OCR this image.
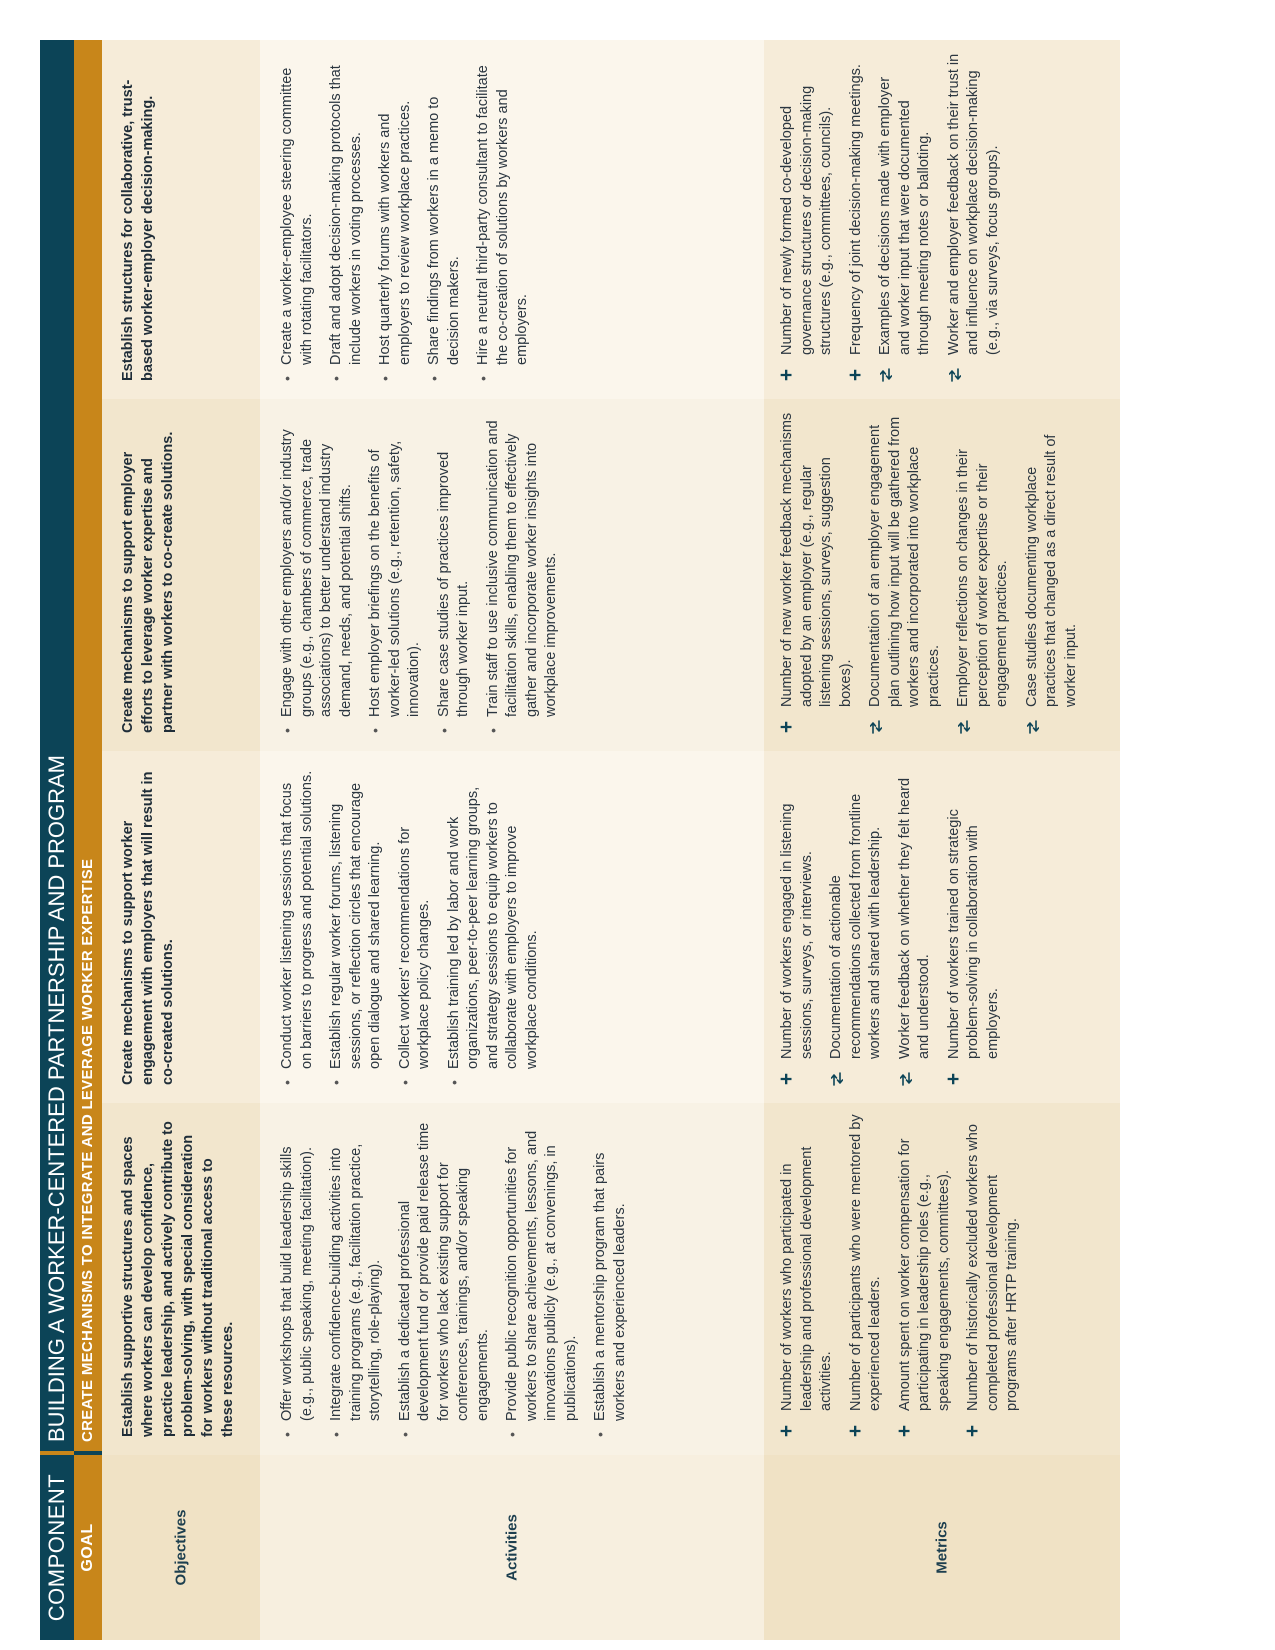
COMPONENT
BUILDING A WORKER-CENTERED PARTNERSHIP AND PROGRAM
GOAL
CREATE MECHANISMS TO INTEGRATE AND LEVERAGE WORKER EXPERTISE
Objectives
Establish supportive structures and spaces where workers can develop confidence, practice leadership, and actively contribute to problem-solving, with special consideration for workers without traditional access to these resources.
Create mechanisms to support worker engagement with employers that will result in co-created solutions.
Create mechanisms to support employer efforts to leverage worker expertise and partner with workers to co-create solutions.
Establish structures for collaborative, trust-based worker-employer decision-making.
Activities
•
Offer workshops that build leadership skills (e.g., public speaking, meeting facilitation).
•
Integrate confidence-building activities into training programs (e.g., facilitation practice, storytelling, role-playing).
•
Establish a dedicated professional development fund or provide paid release time for workers who lack existing support for conferences, trainings, and/or speaking engagements.
•
Provide public recognition opportunities for workers to share achievements, lessons, and innovations publicly (e.g., at convenings, in publications).
•
Establish a mentorship program that pairs workers and experienced leaders.
•
Conduct worker listening sessions that focus on barriers to progress and potential solutions.
•
Establish regular worker forums, listening sessions, or reflection circles that encourage open dialogue and shared learning.
•
Collect workers' recommendations for workplace policy changes.
•
Establish training led by labor and work organizations, peer-to-peer learning groups, and strategy sessions to equip workers to collaborate with employers to improve workplace conditions.
•
Engage with other employers and/or industry groups (e.g., chambers of commerce, trade associations) to better understand industry demand, needs, and potential shifts.
•
Host employer briefings on the benefits of worker-led solutions (e.g., retention, safety, innovation).
•
Share case studies of practices improved through worker input.
•
Train staff to use inclusive communication and facilitation skills, enabling them to effectively gather and incorporate worker insights into workplace improvements.
•
Create a worker-employee steering committee with rotating facilitators.
•
Draft and adopt decision-making protocols that include workers in voting processes.
•
Host quarterly forums with workers and employers to review workplace practices.
•
Share findings from workers in a memo to decision makers.
•
Hire a neutral third-party consultant to facilitate the co-creation of solutions by workers and employers.
Metrics
+
Number of workers who participated in leadership and professional development activities.
+
Number of participants who were mentored by experienced leaders.
+
Amount spent on worker compensation for participating in leadership roles (e.g., speaking engagements, committees).
+
Number of historically excluded workers who completed professional development programs after HRTP training.
+
Number of workers engaged in listening sessions, surveys, or interviews. Documentation of actionable recommendations collected from frontline workers and shared with leadership. Worker feedback on whether they felt heard and understood.
+
Number of workers trained on strategic problem-solving in collaboration with employers.
+
Number of new worker feedback mechanisms adopted by an employer (e.g., regular listening sessions, surveys, suggestion boxes). Documentation of an employer engagement plan outlining how input will be gathered from workers and incorporated into workplace practices. Employer reflections on changes in their perception of worker expertise or their engagement practices. Case studies documenting workplace practices that changed as a direct result of worker input.
+
Number of newly formed co-developed governance structures or decision-making structures (e.g., committees, councils).
+
Frequency of joint decision-making meetings. Examples of decisions made with employer and worker input that were documented through meeting notes or balloting. Worker and employer feedback on their trust in and influence on workplace decision-making (e.g., via surveys, focus groups).
